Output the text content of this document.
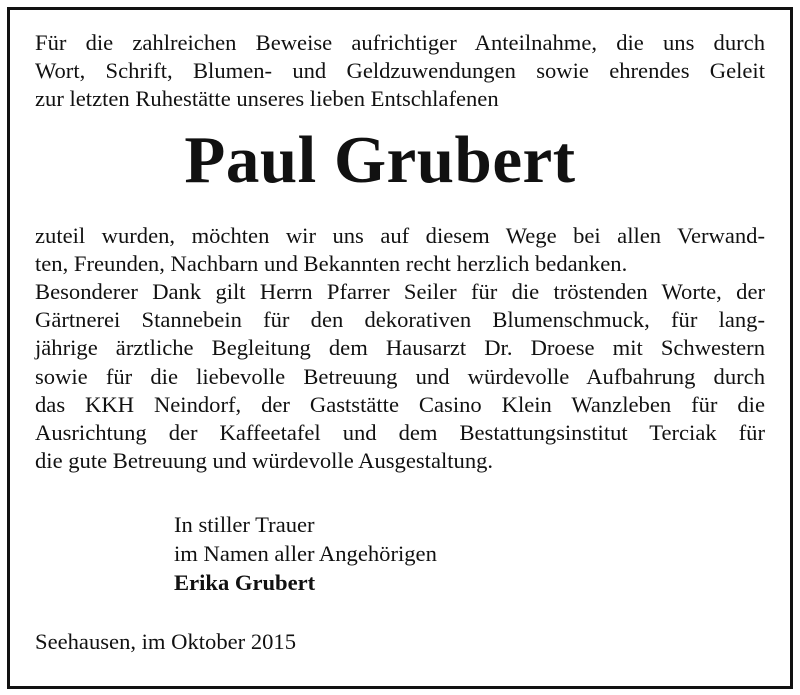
Für die zahlreichen Beweise aufrichtiger Anteilnahme, die uns durch
Wort, Schrift, Blumen- und Geldzuwendungen sowie ehrendes Geleit
zur letzten Ruhestätte unseres lieben Entschlafenen

Paul Grubert

zuteil wurden, möchten wir uns auf diesem Wege bei allen Verwand-
ten, Freunden, Nachbarn und Bekannten recht herzlich bedanken.
Besonderer Dank gilt Herrn Pfarrer Seiler für die tröstenden Worte, der
Gärtnerei Stannebein für den dekorativen Blumenschmuck, für lang-
jährige ärztliche Begleitung dem Hausarzt Dr. Droese mit Schwestern
sowie für die liebevolle Betreuung und würdevolle Aufbahrung durch
das KKH Neindorf, der Gaststätte Casino Klein Wanzleben für die
Ausrichtung der Kaffeetafel und dem Bestattungsinstitut Terciak für
die gute Betreuung und würdevolle Ausgestaltung.

In stiller Trauer
im Namen aller Angehörigen
Erika Grubert
Seehausen, im Oktober 2015
